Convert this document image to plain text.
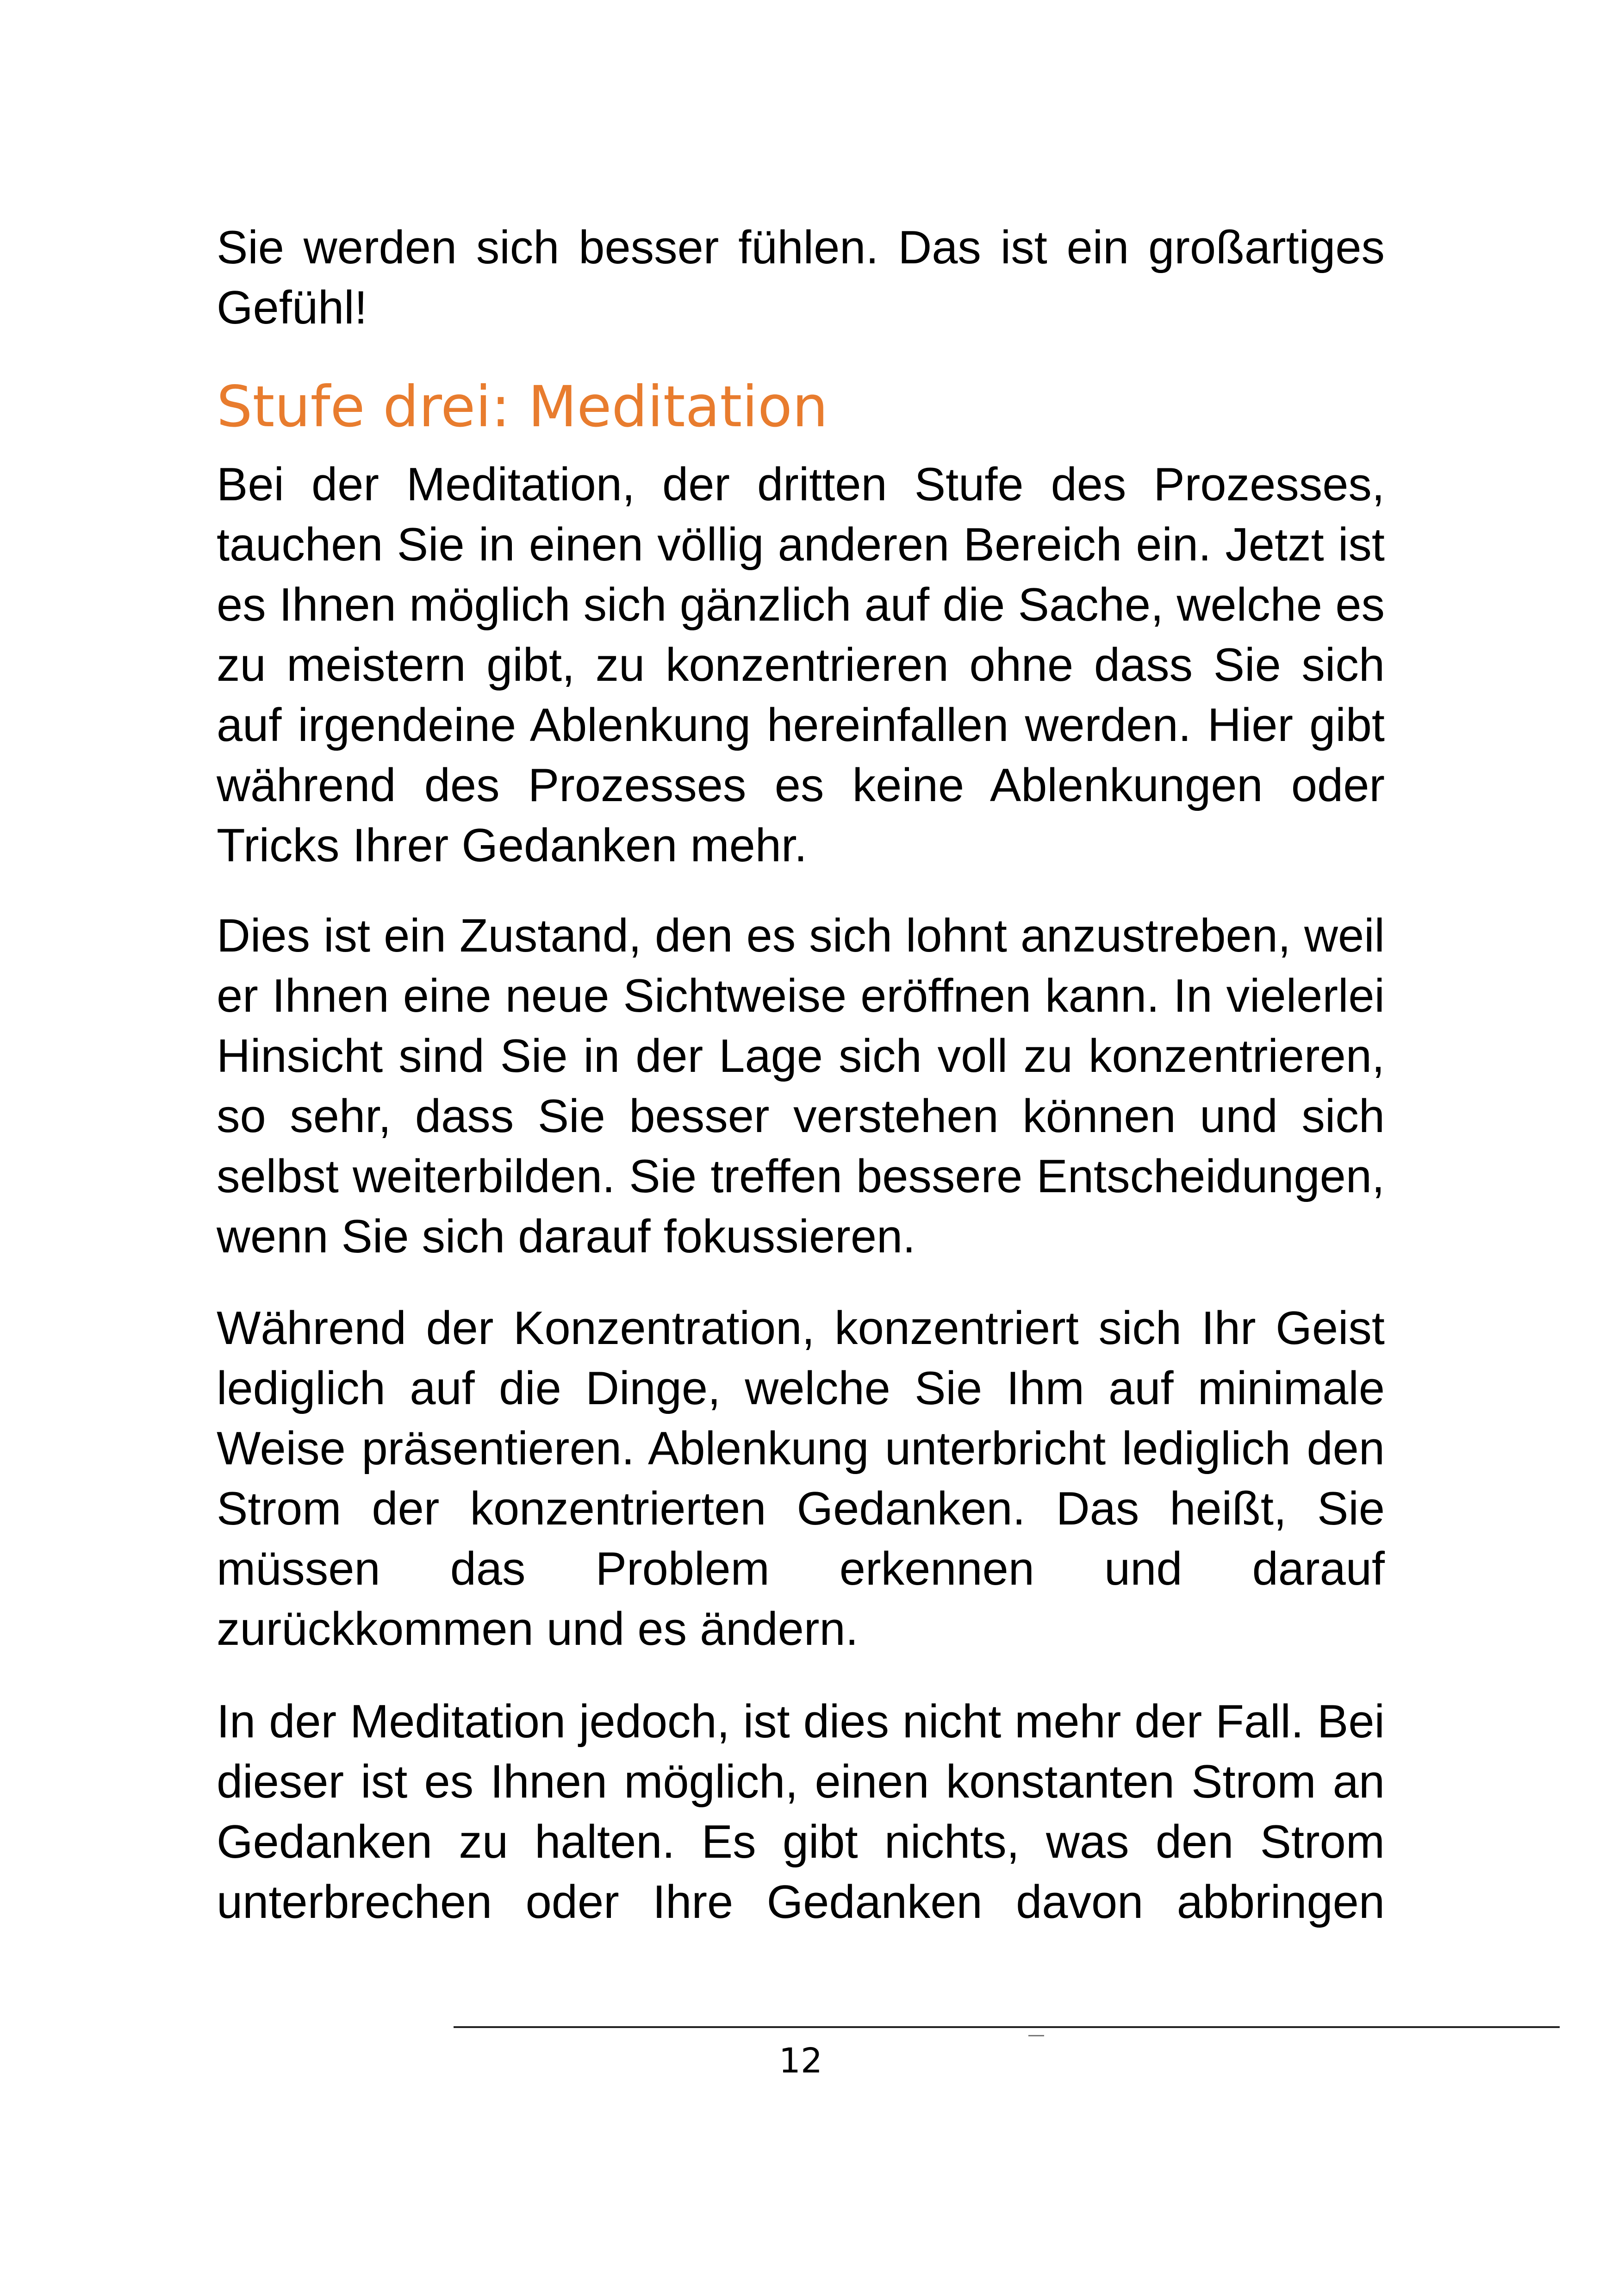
Sie werden sich besser fühlen. Das ist ein großartiges Gefühl!

Stufe drei: Meditation

Bei der Meditation, der dritten Stufe des Prozesses, tauchen Sie in einen völlig anderen Bereich ein. Jetzt ist es Ihnen möglich sich gänzlich auf die Sache, welche es zu meistern gibt, zu konzentrieren ohne dass Sie sich auf irgendeine Ablenkung hereinfallen werden. Hier gibt während des Prozesses es keine Ablenkungen oder Tricks Ihrer Gedanken mehr.

Dies ist ein Zustand, den es sich lohnt anzustreben, weil er Ihnen eine neue Sichtweise eröffnen kann. In vielerlei Hinsicht sind Sie in der Lage sich voll zu konzentrieren, so sehr, dass Sie besser verstehen können und sich selbst weiterbilden. Sie treffen bessere Entscheidungen, wenn Sie sich darauf fokussieren.

Während der Konzentration, konzentriert sich Ihr Geist lediglich auf die Dinge, welche Sie Ihm auf minimale Weise präsentieren. Ablenkung unterbricht lediglich den Strom der konzentrierten Gedanken. Das heißt, Sie müssen das Problem erkennen und darauf zurückkommen und es ändern.

In der Meditation jedoch, ist dies nicht mehr der Fall. Bei dieser ist es Ihnen möglich, einen konstanten Strom an Gedanken zu halten. Es gibt nichts, was den Strom unterbrechen oder Ihre Gedanken davon abbringen

12
